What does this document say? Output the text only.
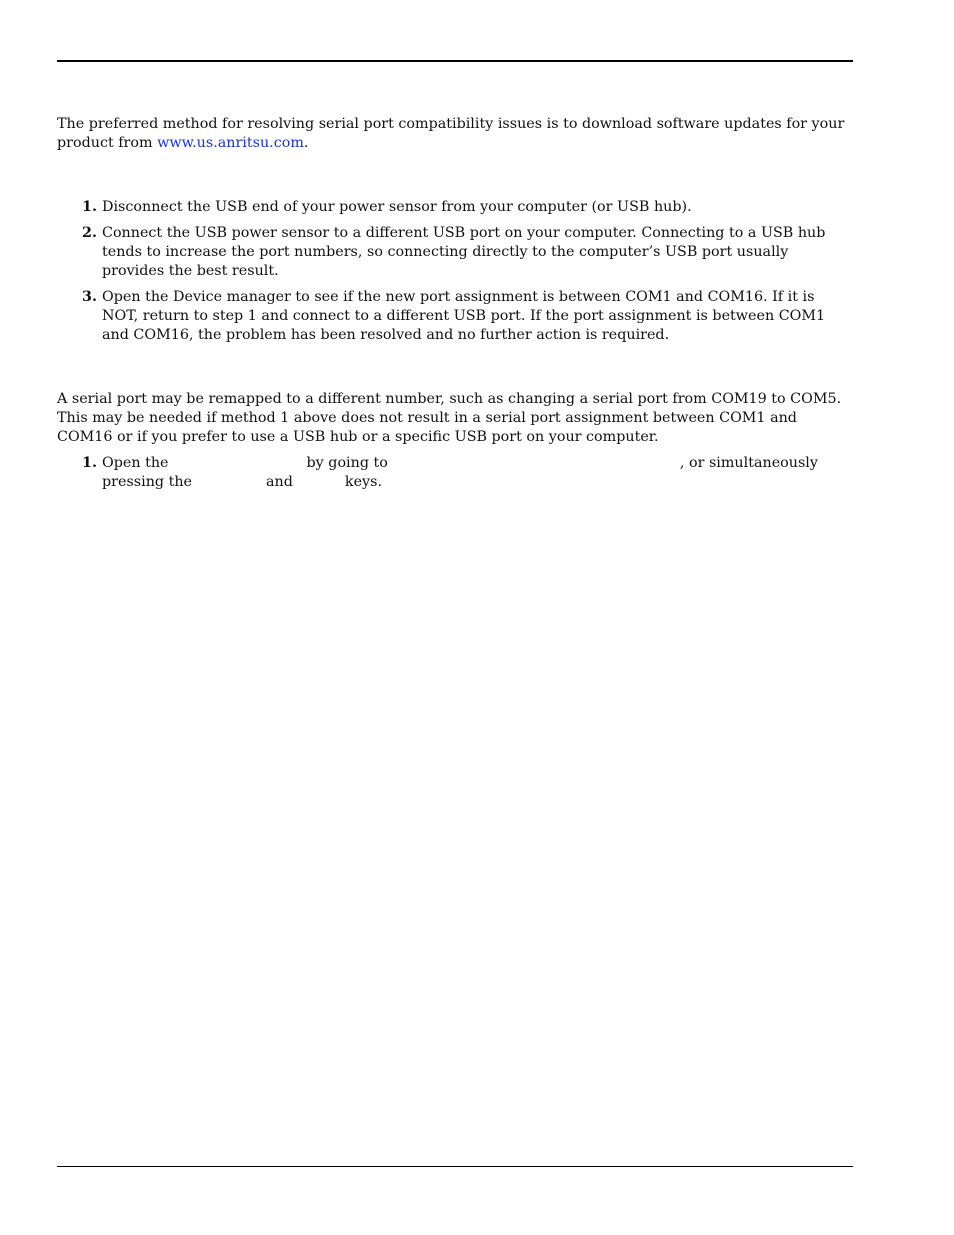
The preferred method for resolving serial port compatibility issues is to download software updates for your product from www.us.anritsu.com.

1. Disconnect the USB end of your power sensor from your computer (or USB hub).
2. Connect the USB power sensor to a different USB port on your computer. Connecting to a USB hub tends to increase the port numbers, so connecting directly to the computer’s USB port usually provides the best result.
3. Open the Device manager to see if the new port assignment is between COM1 and COM16. If it is NOT, return to step 1 and connect to a different USB port. If the port assignment is between COM1 and COM16, the problem has been resolved and no further action is required.

A serial port may be remapped to a different number, such as changing a serial port from COM19 to COM5. This may be needed if method 1 above does not result in a serial port assignment between COM1 and COM16 or if you prefer to use a USB hub or a specific USB port on your computer.

1. Open the	by going to	, or simultaneously pressing the	and	keys.
